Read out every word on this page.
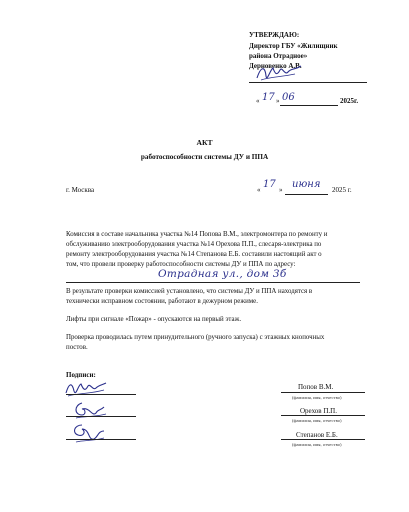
УТВЕРЖДАЮ:
Директор ГБУ «Жилищник
района Отрадное»
Дерновенко А.В.
« 17 » 06	2025г.
АКТ
работоспособности системы ДУ и ППА
г. Москва	« 17 » июня 2025 г.
Комиссия в составе начальника участка №14 Попова В.М., электромонтера по ремонту и
обслуживанию электрооборудования участка №14 Орехова П.П., слесаря-электрика по
ремонту электрооборудования участка №14 Степанова Е.Б. составили настоящий акт о
том, что провели проверку работоспособности системы ДУ и ППА по адресу:
Отрадная ул., дом 3б
В результате проверки комиссией установлено, что системы ДУ и ППА находятся в
технически исправном состоянии, работают в дежурном режиме.
Лифты при сигнале «Пожар» - опускаются на первый этаж.
Проверка проводилась путем принудительного (ручного запуска) с этажных кнопочных
постов.
Подписи:
Попов В.М.
(фамилия, имя, отчество)
Орехов П.П.
(фамилия, имя, отчество)
Степанов Е.Б.
(фамилия, имя, отчество)
